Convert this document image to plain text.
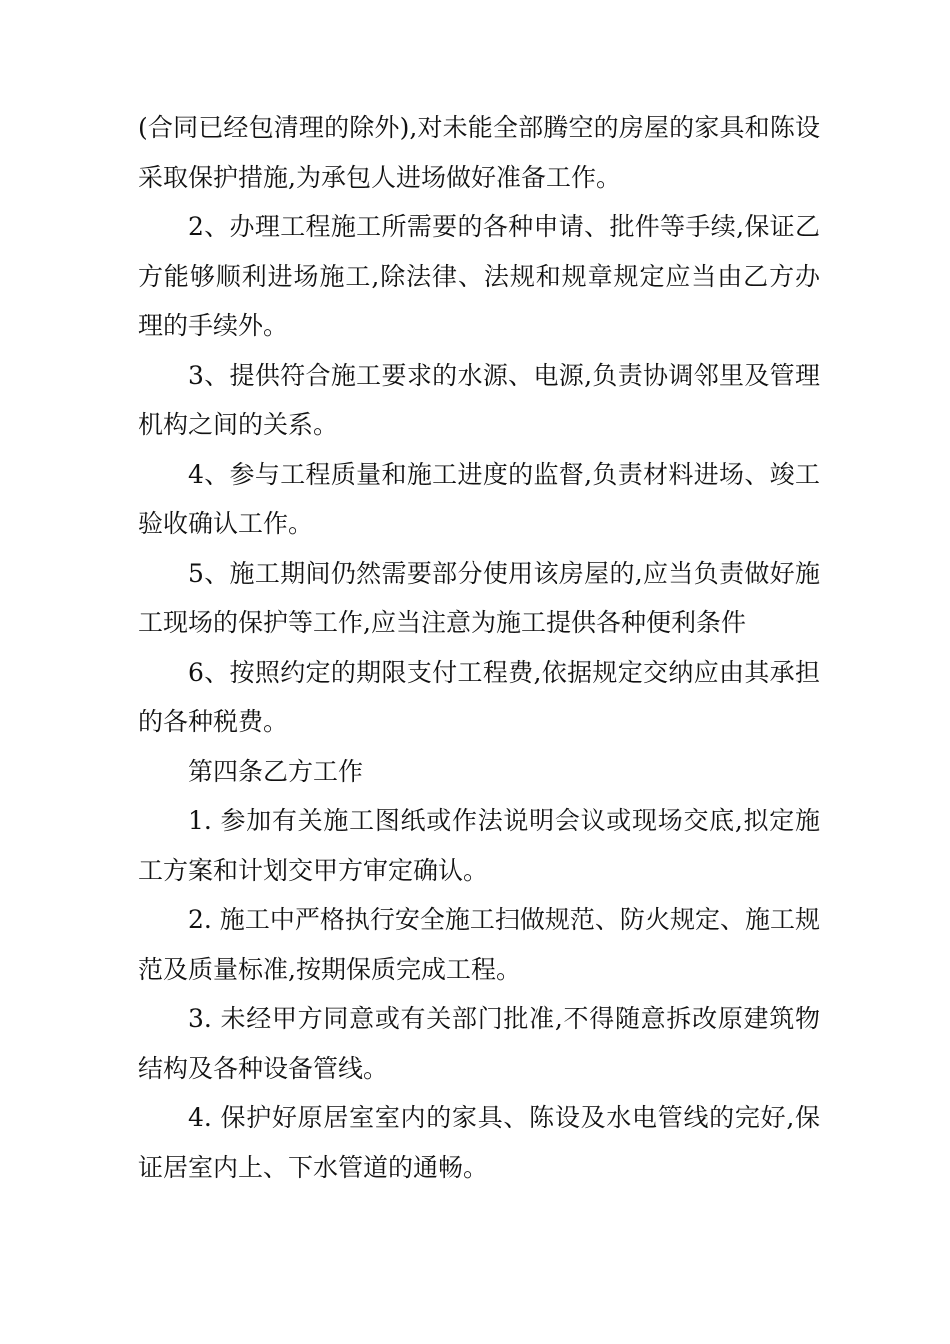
(合同已经包清理的除外),对未能全部腾空的房屋的家具和陈设采取保护措施,为承包人进场做好准备工作。

2、办理工程施工所需要的各种申请、批件等手续,保证乙方能够顺利进场施工,除法律、法规和规章规定应当由乙方办理的手续外。

3、提供符合施工要求的水源、电源,负责协调邻里及管理机构之间的关系。

4、参与工程质量和施工进度的监督,负责材料进场、竣工验收确认工作。

5、施工期间仍然需要部分使用该房屋的,应当负责做好施工现场的保护等工作,应当注意为施工提供各种便利条件

6、按照约定的期限支付工程费,依据规定交纳应由其承担的各种税费。

第四条乙方工作

1. 参加有关施工图纸或作法说明会议或现场交底,拟定施工方案和计划交甲方审定确认。

2. 施工中严格执行安全施工扫做规范、防火规定、施工规范及质量标准,按期保质完成工程。

3. 未经甲方同意或有关部门批准,不得随意拆改原建筑物结构及各种设备管线。

4. 保护好原居室室内的家具、陈设及水电管线的完好,保证居室内上、下水管道的通畅。
